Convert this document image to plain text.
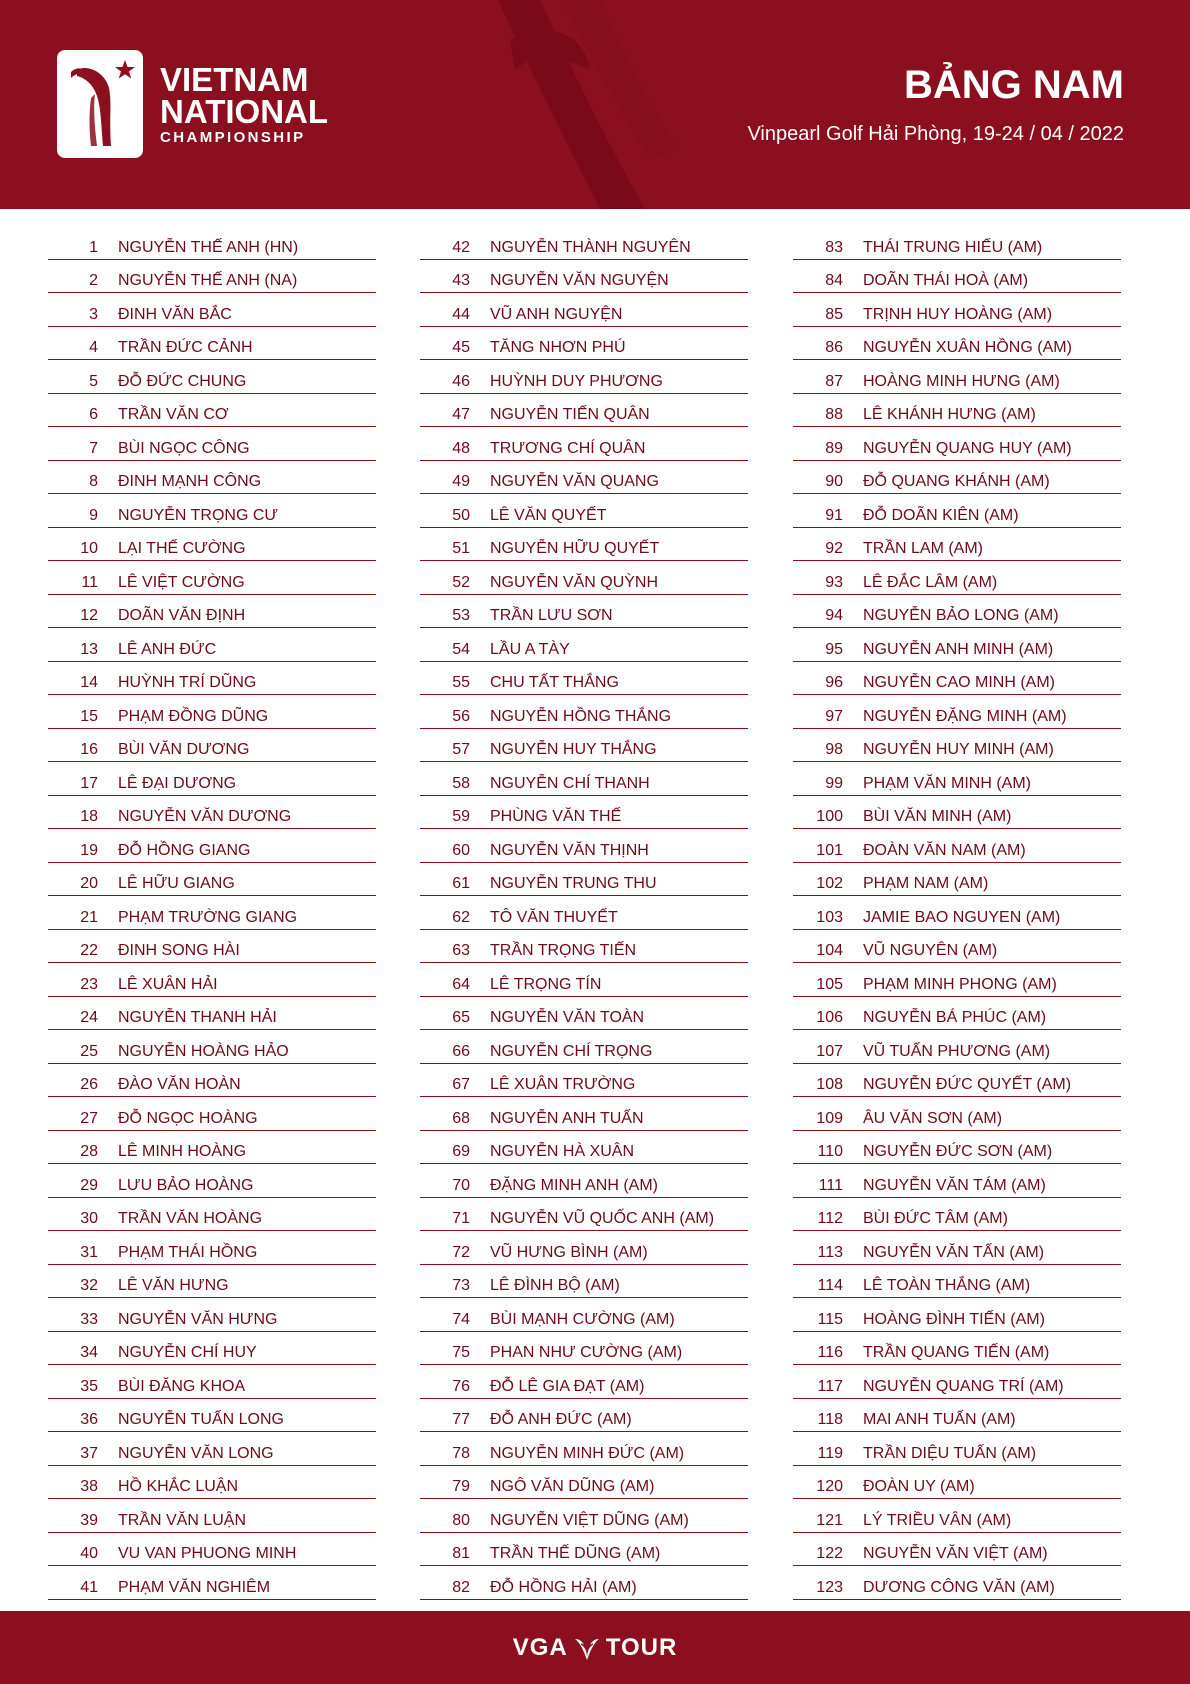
VIETNAM
NATIONAL
CHAMPIONSHIP
BẢNG NAM
Vinpearl Golf Hải Phòng, 19-24 / 04 / 2022
1 NGUYỄN THẾ ANH (HN)
2 NGUYỄN THẾ ANH (NA)
3 ĐINH VĂN BẮC
4 TRẦN ĐỨC CẢNH
5 ĐỖ ĐỨC CHUNG
6 TRẦN VĂN CƠ
7 BÙI NGỌC CÔNG
8 ĐINH MẠNH CÔNG
9 NGUYỄN TRỌNG CƯ
10 LẠI THẾ CƯỜNG
11 LÊ VIỆT CƯỜNG
12 DOÃN VĂN ĐỊNH
13 LÊ ANH ĐỨC
14 HUỲNH TRÍ DŨNG
15 PHẠM ĐỒNG DŨNG
16 BÙI VĂN DƯƠNG
17 LÊ ĐẠI DƯƠNG
18 NGUYỄN VĂN DƯƠNG
19 ĐỖ HỒNG GIANG
20 LÊ HỮU GIANG
21 PHẠM TRƯỜNG GIANG
22 ĐINH SONG HÀI
23 LÊ XUÂN HẢI
24 NGUYỄN THANH HẢI
25 NGUYỄN HOÀNG HẢO
26 ĐÀO VĂN HOÀN
27 ĐỖ NGỌC HOÀNG
28 LÊ MINH HOÀNG
29 LƯU BẢO HOÀNG
30 TRẦN VĂN HOÀNG
31 PHẠM THÁI HỒNG
32 LÊ VĂN HƯNG
33 NGUYỄN VĂN HƯNG
34 NGUYỄN CHÍ HUY
35 BÙI ĐĂNG KHOA
36 NGUYỄN TUẤN LONG
37 NGUYỄN VĂN LONG
38 HỒ KHẮC LUẬN
39 TRẦN VĂN LUẬN
40 VU VAN PHUONG MINH
41 PHẠM VĂN NGHIÊM
42 NGUYỄN THÀNH NGUYÊN
43 NGUYỄN VĂN NGUYỆN
44 VŨ ANH NGUYỆN
45 TĂNG NHƠN PHÚ
46 HUỲNH DUY PHƯƠNG
47 NGUYỄN TIẾN QUÂN
48 TRƯƠNG CHÍ QUÂN
49 NGUYỄN VĂN QUANG
50 LÊ VĂN QUYẾT
51 NGUYỄN HỮU QUYẾT
52 NGUYỄN VĂN QUỲNH
53 TRẦN LƯU SƠN
54 LẦU A TÀY
55 CHU TẤT THẮNG
56 NGUYỄN HỒNG THẮNG
57 NGUYỄN HUY THẮNG
58 NGUYỄN CHÍ THANH
59 PHÙNG VĂN THẾ
60 NGUYỄN VĂN THỊNH
61 NGUYỄN TRUNG THU
62 TÔ VĂN THUYẾT
63 TRẦN TRỌNG TIẾN
64 LÊ TRỌNG TÍN
65 NGUYỄN VĂN TOÀN
66 NGUYỄN CHÍ TRỌNG
67 LÊ XUÂN TRƯỜNG
68 NGUYỄN ANH TUẤN
69 NGUYỄN HÀ XUÂN
70 ĐẶNG MINH ANH (AM)
71 NGUYỄN VŨ QUỐC ANH (AM)
72 VŨ HƯNG BÌNH (AM)
73 LÊ ĐÌNH BỘ (AM)
74 BÙI MẠNH CƯỜNG (AM)
75 PHAN NHƯ CƯỜNG (AM)
76 ĐỖ LÊ GIA ĐẠT (AM)
77 ĐỖ ANH ĐỨC (AM)
78 NGUYỄN MINH ĐỨC (AM)
79 NGÔ VĂN DŨNG (AM)
80 NGUYỄN VIỆT DŨNG (AM)
81 TRẦN THẾ DŨNG (AM)
82 ĐỖ HỒNG HẢI (AM)
83 THÁI TRUNG HIẾU (AM)
84 DOÃN THÁI HOÀ (AM)
85 TRỊNH HUY HOÀNG (AM)
86 NGUYỄN XUÂN HỒNG (AM)
87 HOÀNG MINH HƯNG (AM)
88 LÊ KHÁNH HƯNG (AM)
89 NGUYỄN QUANG HUY (AM)
90 ĐỖ QUANG KHÁNH (AM)
91 ĐỖ DOÃN KIÊN (AM)
92 TRẦN LAM (AM)
93 LÊ ĐẮC LÂM (AM)
94 NGUYỄN BẢO LONG (AM)
95 NGUYỄN ANH MINH (AM)
96 NGUYỄN CAO MINH (AM)
97 NGUYỄN ĐẶNG MINH (AM)
98 NGUYỄN HUY MINH (AM)
99 PHẠM VĂN MINH (AM)
100 BÙI VĂN MINH (AM)
101 ĐOÀN VĂN NAM (AM)
102 PHẠM NAM (AM)
103 JAMIE BAO NGUYEN (AM)
104 VŨ NGUYÊN (AM)
105 PHẠM MINH PHONG (AM)
106 NGUYỄN BÁ PHÚC (AM)
107 VŨ TUẤN PHƯƠNG (AM)
108 NGUYỄN ĐỨC QUYẾT (AM)
109 ÂU VĂN SƠN (AM)
110 NGUYỄN ĐỨC SƠN (AM)
111 NGUYỄN VĂN TÁM (AM)
112 BÙI ĐỨC TÂM (AM)
113 NGUYỄN VĂN TẤN (AM)
114 LÊ TOÀN THẮNG (AM)
115 HOÀNG ĐÌNH TIẾN (AM)
116 TRẦN QUANG TIẾN (AM)
117 NGUYỄN QUANG TRÍ (AM)
118 MAI ANH TUẤN (AM)
119 TRẦN DIỆU TUẤN (AM)
120 ĐOÀN UY (AM)
121 LÝ TRIỀU VÂN (AM)
122 NGUYỄN VĂN VIỆT (AM)
123 DƯƠNG CÔNG VĂN (AM)
VGA TOUR
